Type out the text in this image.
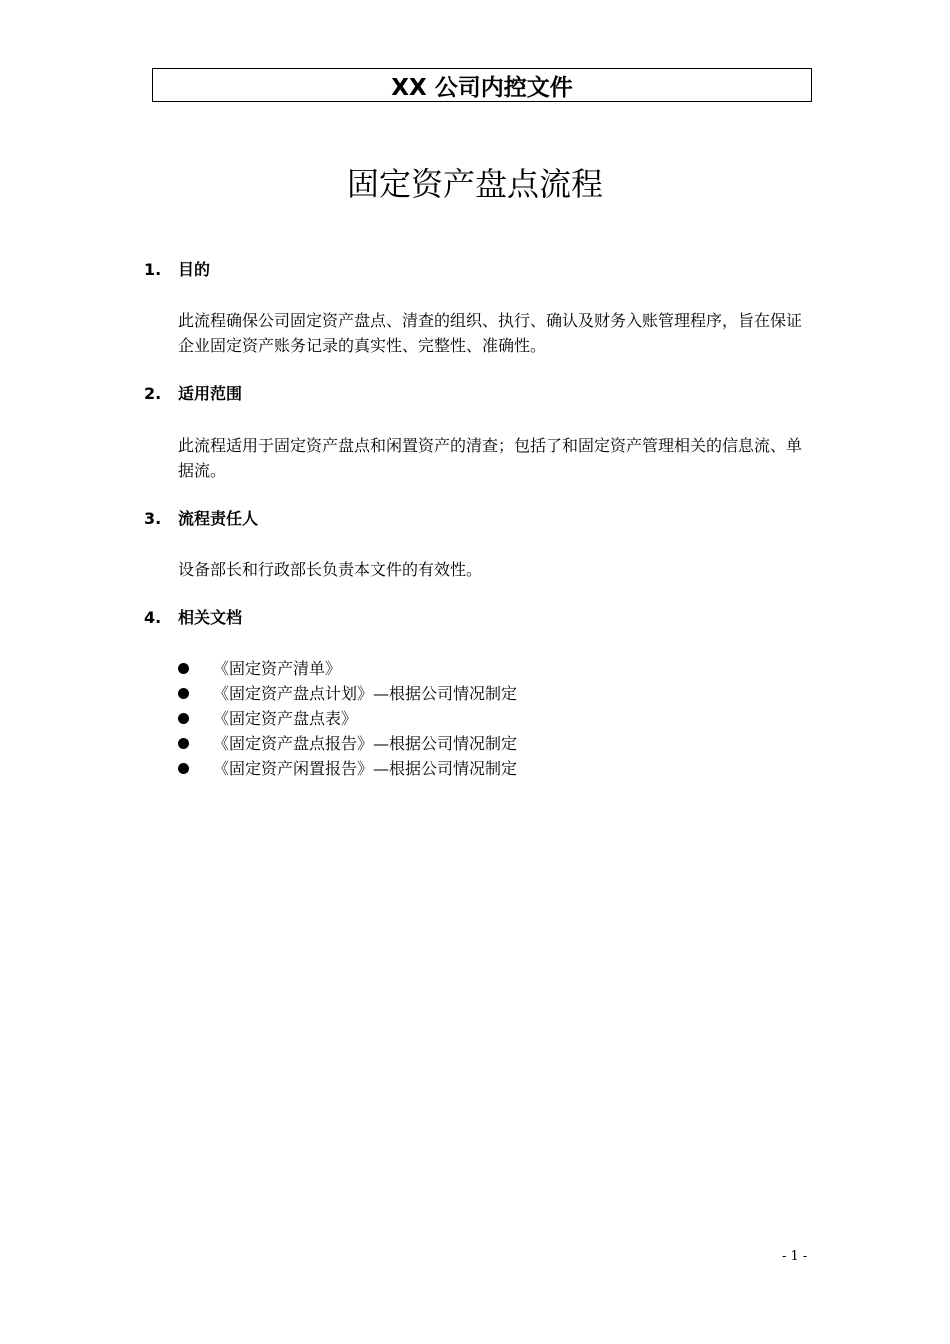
XX 公司内控文件
固定资产盘点流程
1. 目的

此流程确保公司固定资产盘点、清查的组织、执行、确认及财务入账管理程序，旨在保证企业固定资产账务记录的真实性、完整性、准确性。

2. 适用范围

此流程适用于固定资产盘点和闲置资产的清查；包括了和固定资产管理相关的信息流、单据流。

3. 流程责任人

设备部长和行政部长负责本文件的有效性。

4. 相关文档
《固定资产清单》
《固定资产盘点计划》—根据公司情况制定
《固定资产盘点表》
《固定资产盘点报告》—根据公司情况制定
《固定资产闲置报告》—根据公司情况制定
- 1 -
